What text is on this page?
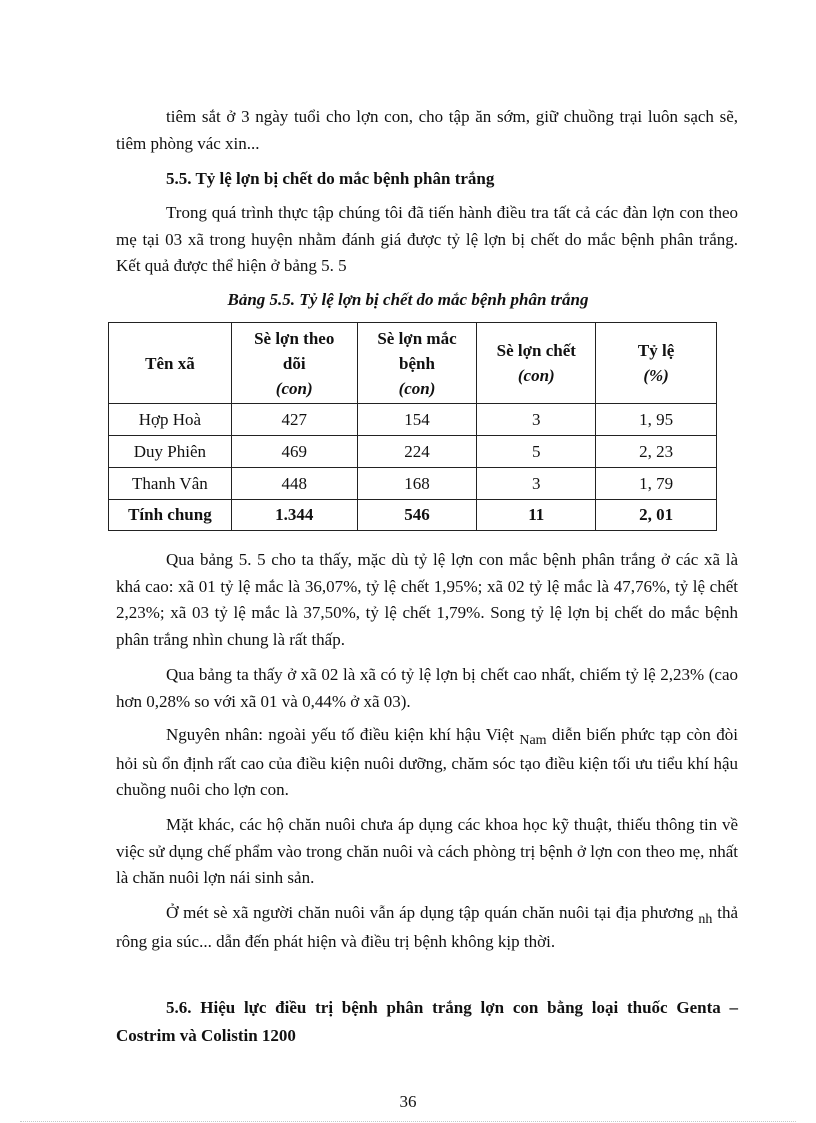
tiêm sắt ở 3 ngày tuổi cho lợn con, cho tập ăn sớm, giữ chuồng trại luôn sạch sẽ, tiêm phòng vác xin...

5.5. Tỷ lệ lợn bị chết do mắc bệnh phân trắng

Trong quá trình thực tập chúng tôi đã tiến hành điều tra tất cả các đàn lợn con theo mẹ tại 03 xã trong huyện nhằm đánh giá được tỷ lệ lợn bị chết do mắc bệnh phân trắng. Kết quả được thể hiện ở bảng 5. 5

Bảng 5.5. Tỷ lệ lợn bị chết do mắc bệnh phân trắng

Tên xã	Sè lợn theo
dõi
(con)	Sè lợn mắc
bệnh
(con)	Sè lợn chết
(con)	Tỷ lệ
(%)

Hợp Hoà	427	154	3	1, 95
Duy Phiên	469	224	5	2, 23
Thanh Vân	448	168	3	1, 79
Tính chung	1.344	546	11	2, 01

Qua bảng 5. 5 cho ta thấy, mặc dù tỷ lệ lợn con mắc bệnh phân trắng ở các xã là khá cao: xã 01 tỷ lệ mắc là 36,07%, tỷ lệ chết 1,95%; xã 02 tỷ lệ mắc là 47,76%, tỷ lệ chết 2,23%; xã 03 tỷ lệ mắc là 37,50%, tỷ lệ chết 1,79%. Song tỷ lệ lợn bị chết do mắc bệnh phân trắng nhìn chung là rất thấp.

Qua bảng ta thấy ở xã 02 là xã có tỷ lệ lợn bị chết cao nhất, chiếm tỷ lệ 2,23% (cao hơn 0,28% so với xã 01 và 0,44% ở xã 03).

Nguyên nhân: ngoài yếu tố điều kiện khí hậu Việt $_{Nam}$ diễn biến phức tạp còn đòi hỏi sù ổn định rất cao của điều kiện nuôi dưỡng, chăm sóc tạo điều kiện tối ưu tiểu khí hậu chuồng nuôi cho lợn con.

Mặt khác, các hộ chăn nuôi chưa áp dụng các khoa học kỹ thuật, thiếu thông tin về việc sử dụng chế phẩm vào trong chăn nuôi và cách phòng trị bệnh ở lợn con theo mẹ, nhất là chăn nuôi lợn nái sinh sản.

Ở mét sè xã người chăn nuôi vẫn áp dụng tập quán chăn nuôi tại địa phương $_{nh}$ thả rông gia súc... dẫn đến phát hiện và điều trị bệnh không kịp thời.

5.6. Hiệu lực điều trị bệnh phân trắng lợn con bằng loại thuốc Genta – Costrim và Colistin 1200

36
